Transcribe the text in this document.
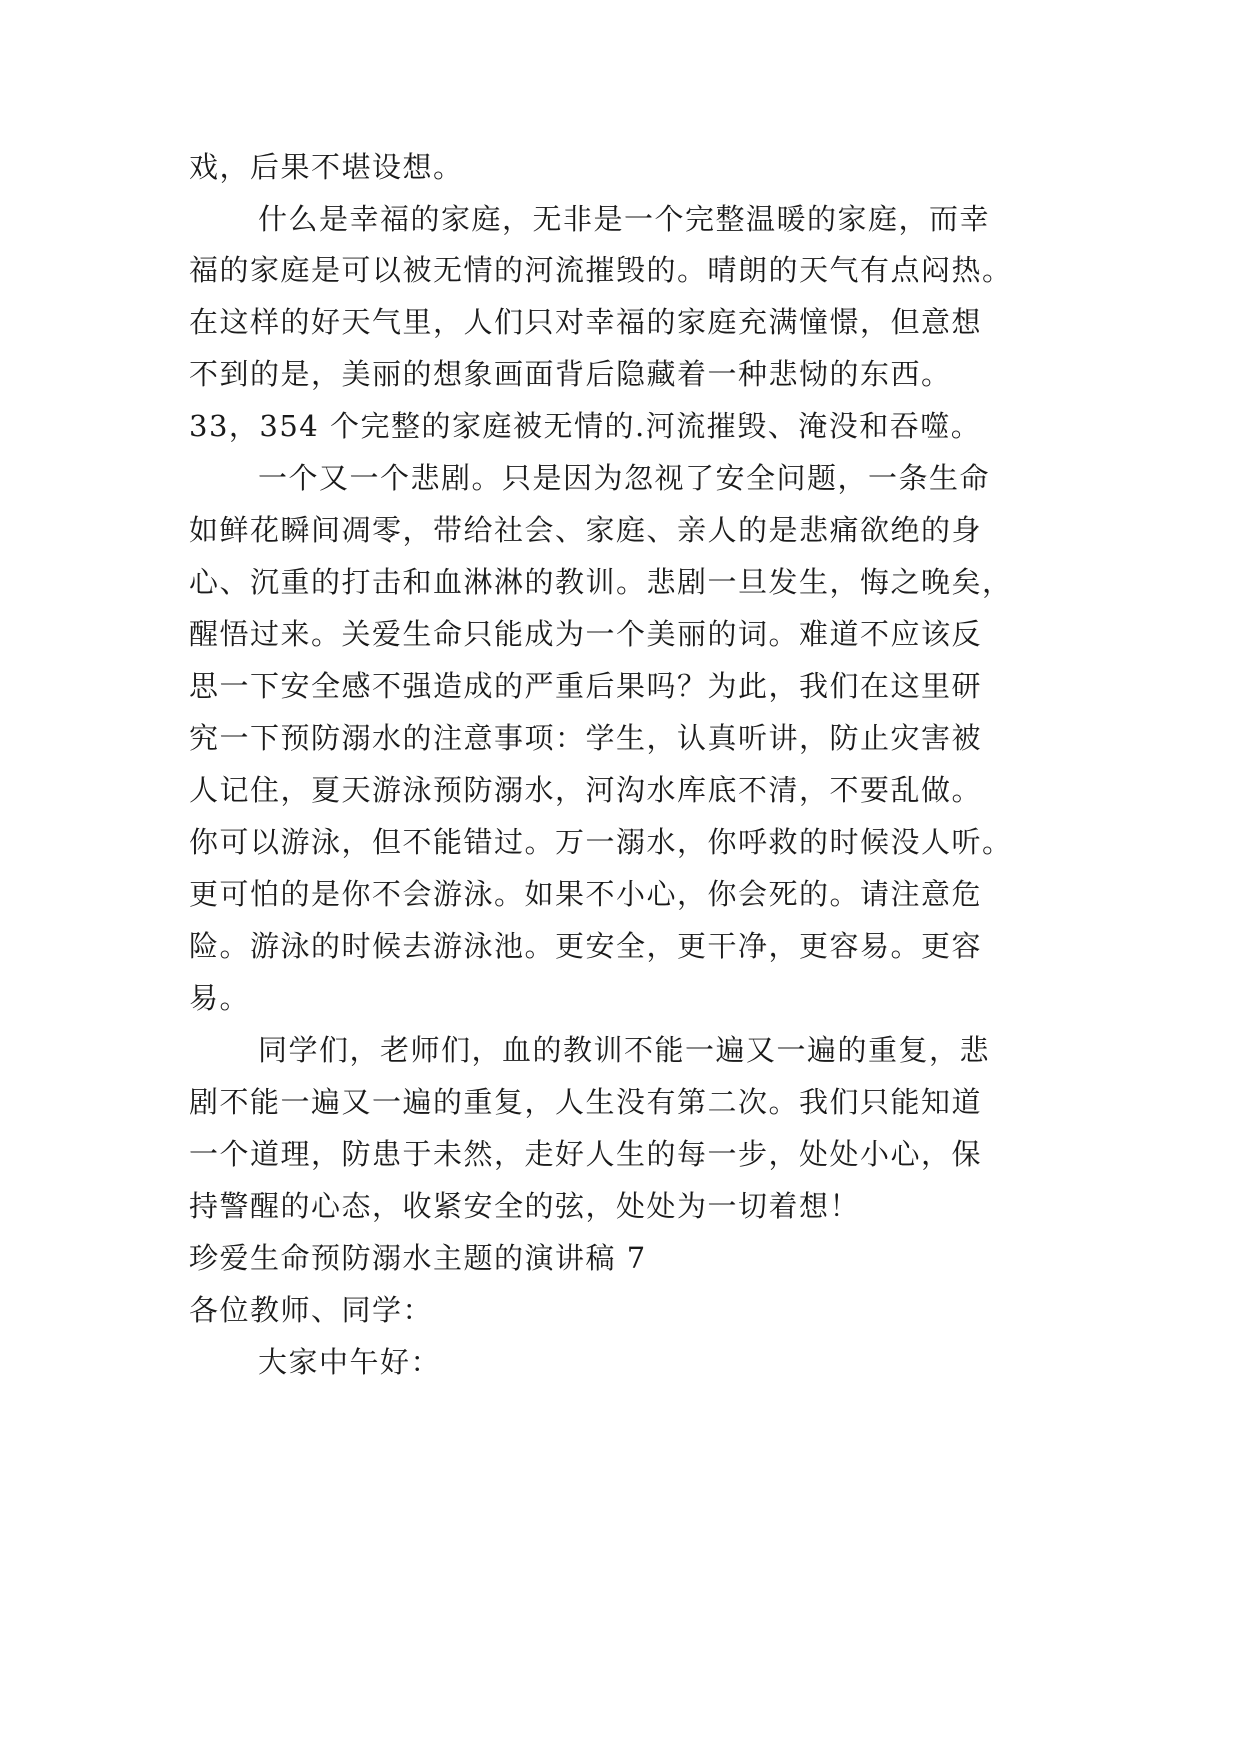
戏，后果不堪设想。
什么是幸福的家庭，无非是一个完整温暖的家庭，而幸
福的家庭是可以被无情的河流摧毁的。晴朗的天气有点闷热。
在这样的好天气里，人们只对幸福的家庭充满憧憬，但意想
不到的是，美丽的想象画面背后隐藏着一种悲恸的东西。
33，354 个完整的家庭被无情的.河流摧毁、淹没和吞噬。
一个又一个悲剧。只是因为忽视了安全问题，一条生命
如鲜花瞬间凋零，带给社会、家庭、亲人的是悲痛欲绝的身
心、沉重的打击和血淋淋的教训。悲剧一旦发生，悔之晚矣，
醒悟过来。关爱生命只能成为一个美丽的词。难道不应该反
思一下安全感不强造成的严重后果吗？为此，我们在这里研
究一下预防溺水的注意事项：学生，认真听讲，防止灾害被
人记住，夏天游泳预防溺水，河沟水库底不清，不要乱做。
你可以游泳，但不能错过。万一溺水，你呼救的时候没人听。
更可怕的是你不会游泳。如果不小心，你会死的。请注意危
险。游泳的时候去游泳池。更安全，更干净，更容易。更容
易。
同学们，老师们，血的教训不能一遍又一遍的重复，悲
剧不能一遍又一遍的重复，人生没有第二次。我们只能知道
一个道理，防患于未然，走好人生的每一步，处处小心，保
持警醒的心态，收紧安全的弦，处处为一切着想！
珍爱生命预防溺水主题的演讲稿 7
各位教师、同学：
大家中午好：
